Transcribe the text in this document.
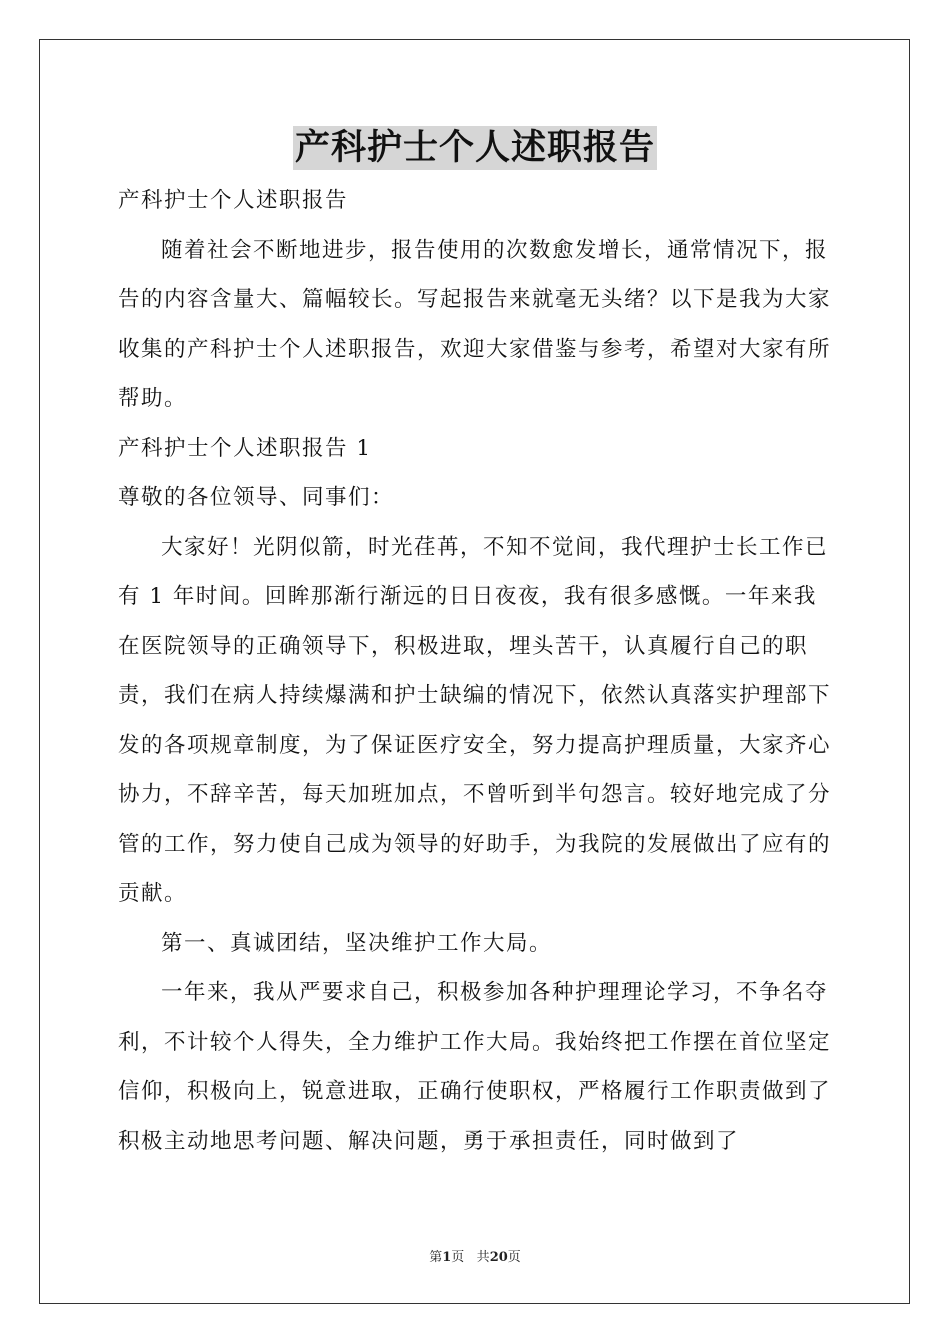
产科护士个人述职报告

产科护士个人述职报告

随着社会不断地进步，报告使用的次数愈发增长，通常情况下，报告的内容含量大、篇幅较长。写起报告来就毫无头绪？以下是我为大家收集的产科护士个人述职报告，欢迎大家借鉴与参考，希望对大家有所帮助。

产科护士个人述职报告 1

尊敬的各位领导、同事们：

大家好！光阴似箭，时光荏苒，不知不觉间，我代理护士长工作已有 1 年时间。回眸那渐行渐远的日日夜夜，我有很多感慨。一年来我在医院领导的正确领导下，积极进取，埋头苦干，认真履行自己的职责，我们在病人持续爆满和护士缺编的情况下，依然认真落实护理部下发的各项规章制度，为了保证医疗安全，努力提高护理质量，大家齐心协力，不辞辛苦，每天加班加点，不曾听到半句怨言。较好地完成了分管的工作，努力使自己成为领导的好助手，为我院的发展做出了应有的贡献。

第一、真诚团结，坚决维护工作大局。

一年来，我从严要求自己，积极参加各种护理理论学习，不争名夺利，不计较个人得失，全力维护工作大局。我始终把工作摆在首位坚定信仰，积极向上，锐意进取，正确行使职权，严格履行工作职责做到了积极主动地思考问题、解决问题，勇于承担责任，同时做到了

第1页 共20页
